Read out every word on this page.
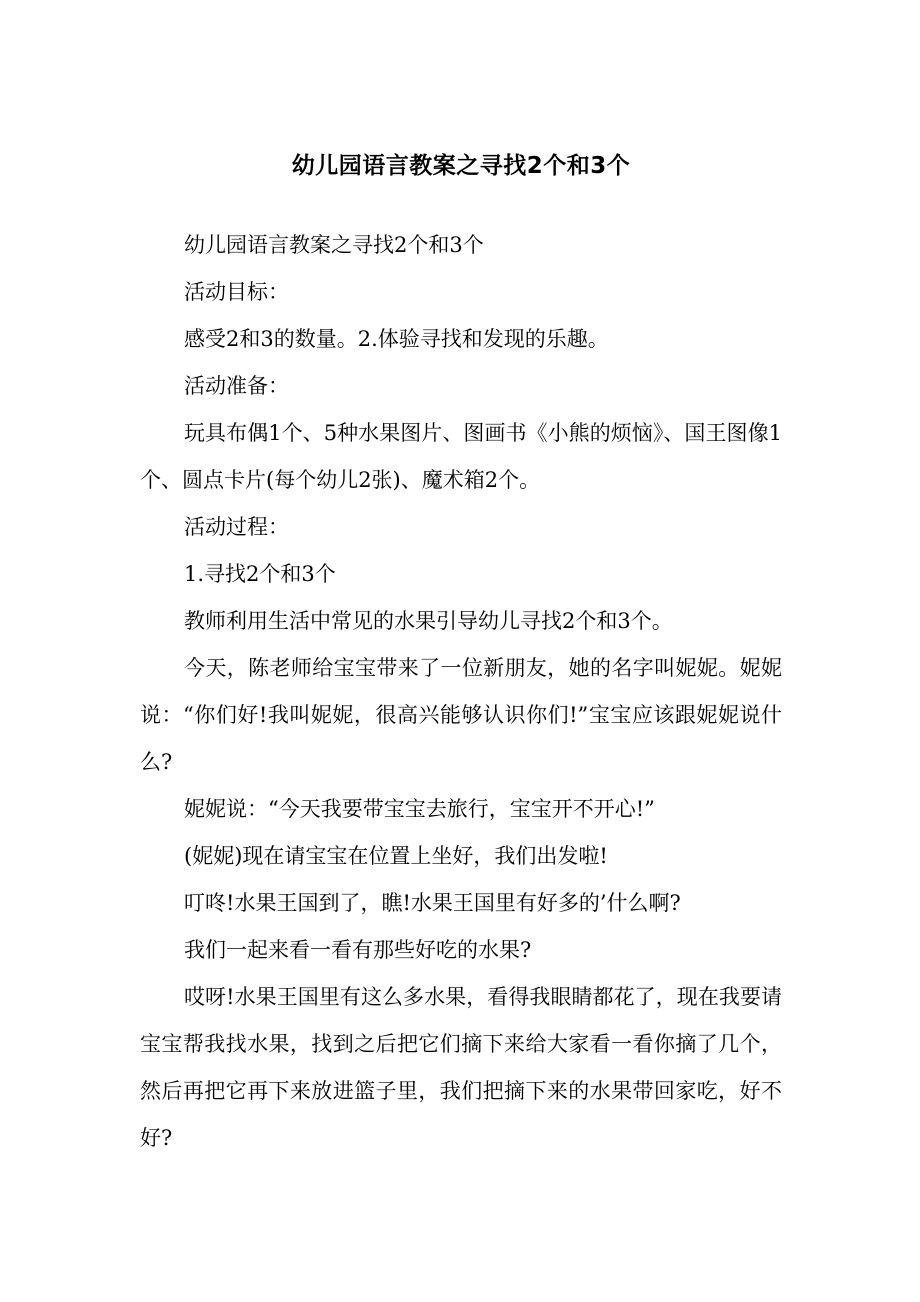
幼儿园语言教案之寻找2个和3个

幼儿园语言教案之寻找2个和3个

活动目标：

感受2和3的数量。2.体验寻找和发现的乐趣。

活动准备：

玩具布偶1个、5种水果图片、图画书《小熊的烦恼》、国王图像1个、圆点卡片(每个幼儿2张)、魔术箱2个。

活动过程：

1.寻找2个和3个

教师利用生活中常见的水果引导幼儿寻找2个和3个。

今天，陈老师给宝宝带来了一位新朋友，她的名字叫妮妮。妮妮说：“你们好!我叫妮妮，很高兴能够认识你们!”宝宝应该跟妮妮说什么?

妮妮说：“今天我要带宝宝去旅行，宝宝开不开心!”

(妮妮)现在请宝宝在位置上坐好，我们出发啦!

叮咚!水果王国到了，瞧!水果王国里有好多的’什么啊?

我们一起来看一看有那些好吃的水果?

哎呀!水果王国里有这么多水果，看得我眼睛都花了，现在我要请宝宝帮我找水果，找到之后把它们摘下来给大家看一看你摘了几个，然后再把它再下来放进篮子里，我们把摘下来的水果带回家吃，好不好?
